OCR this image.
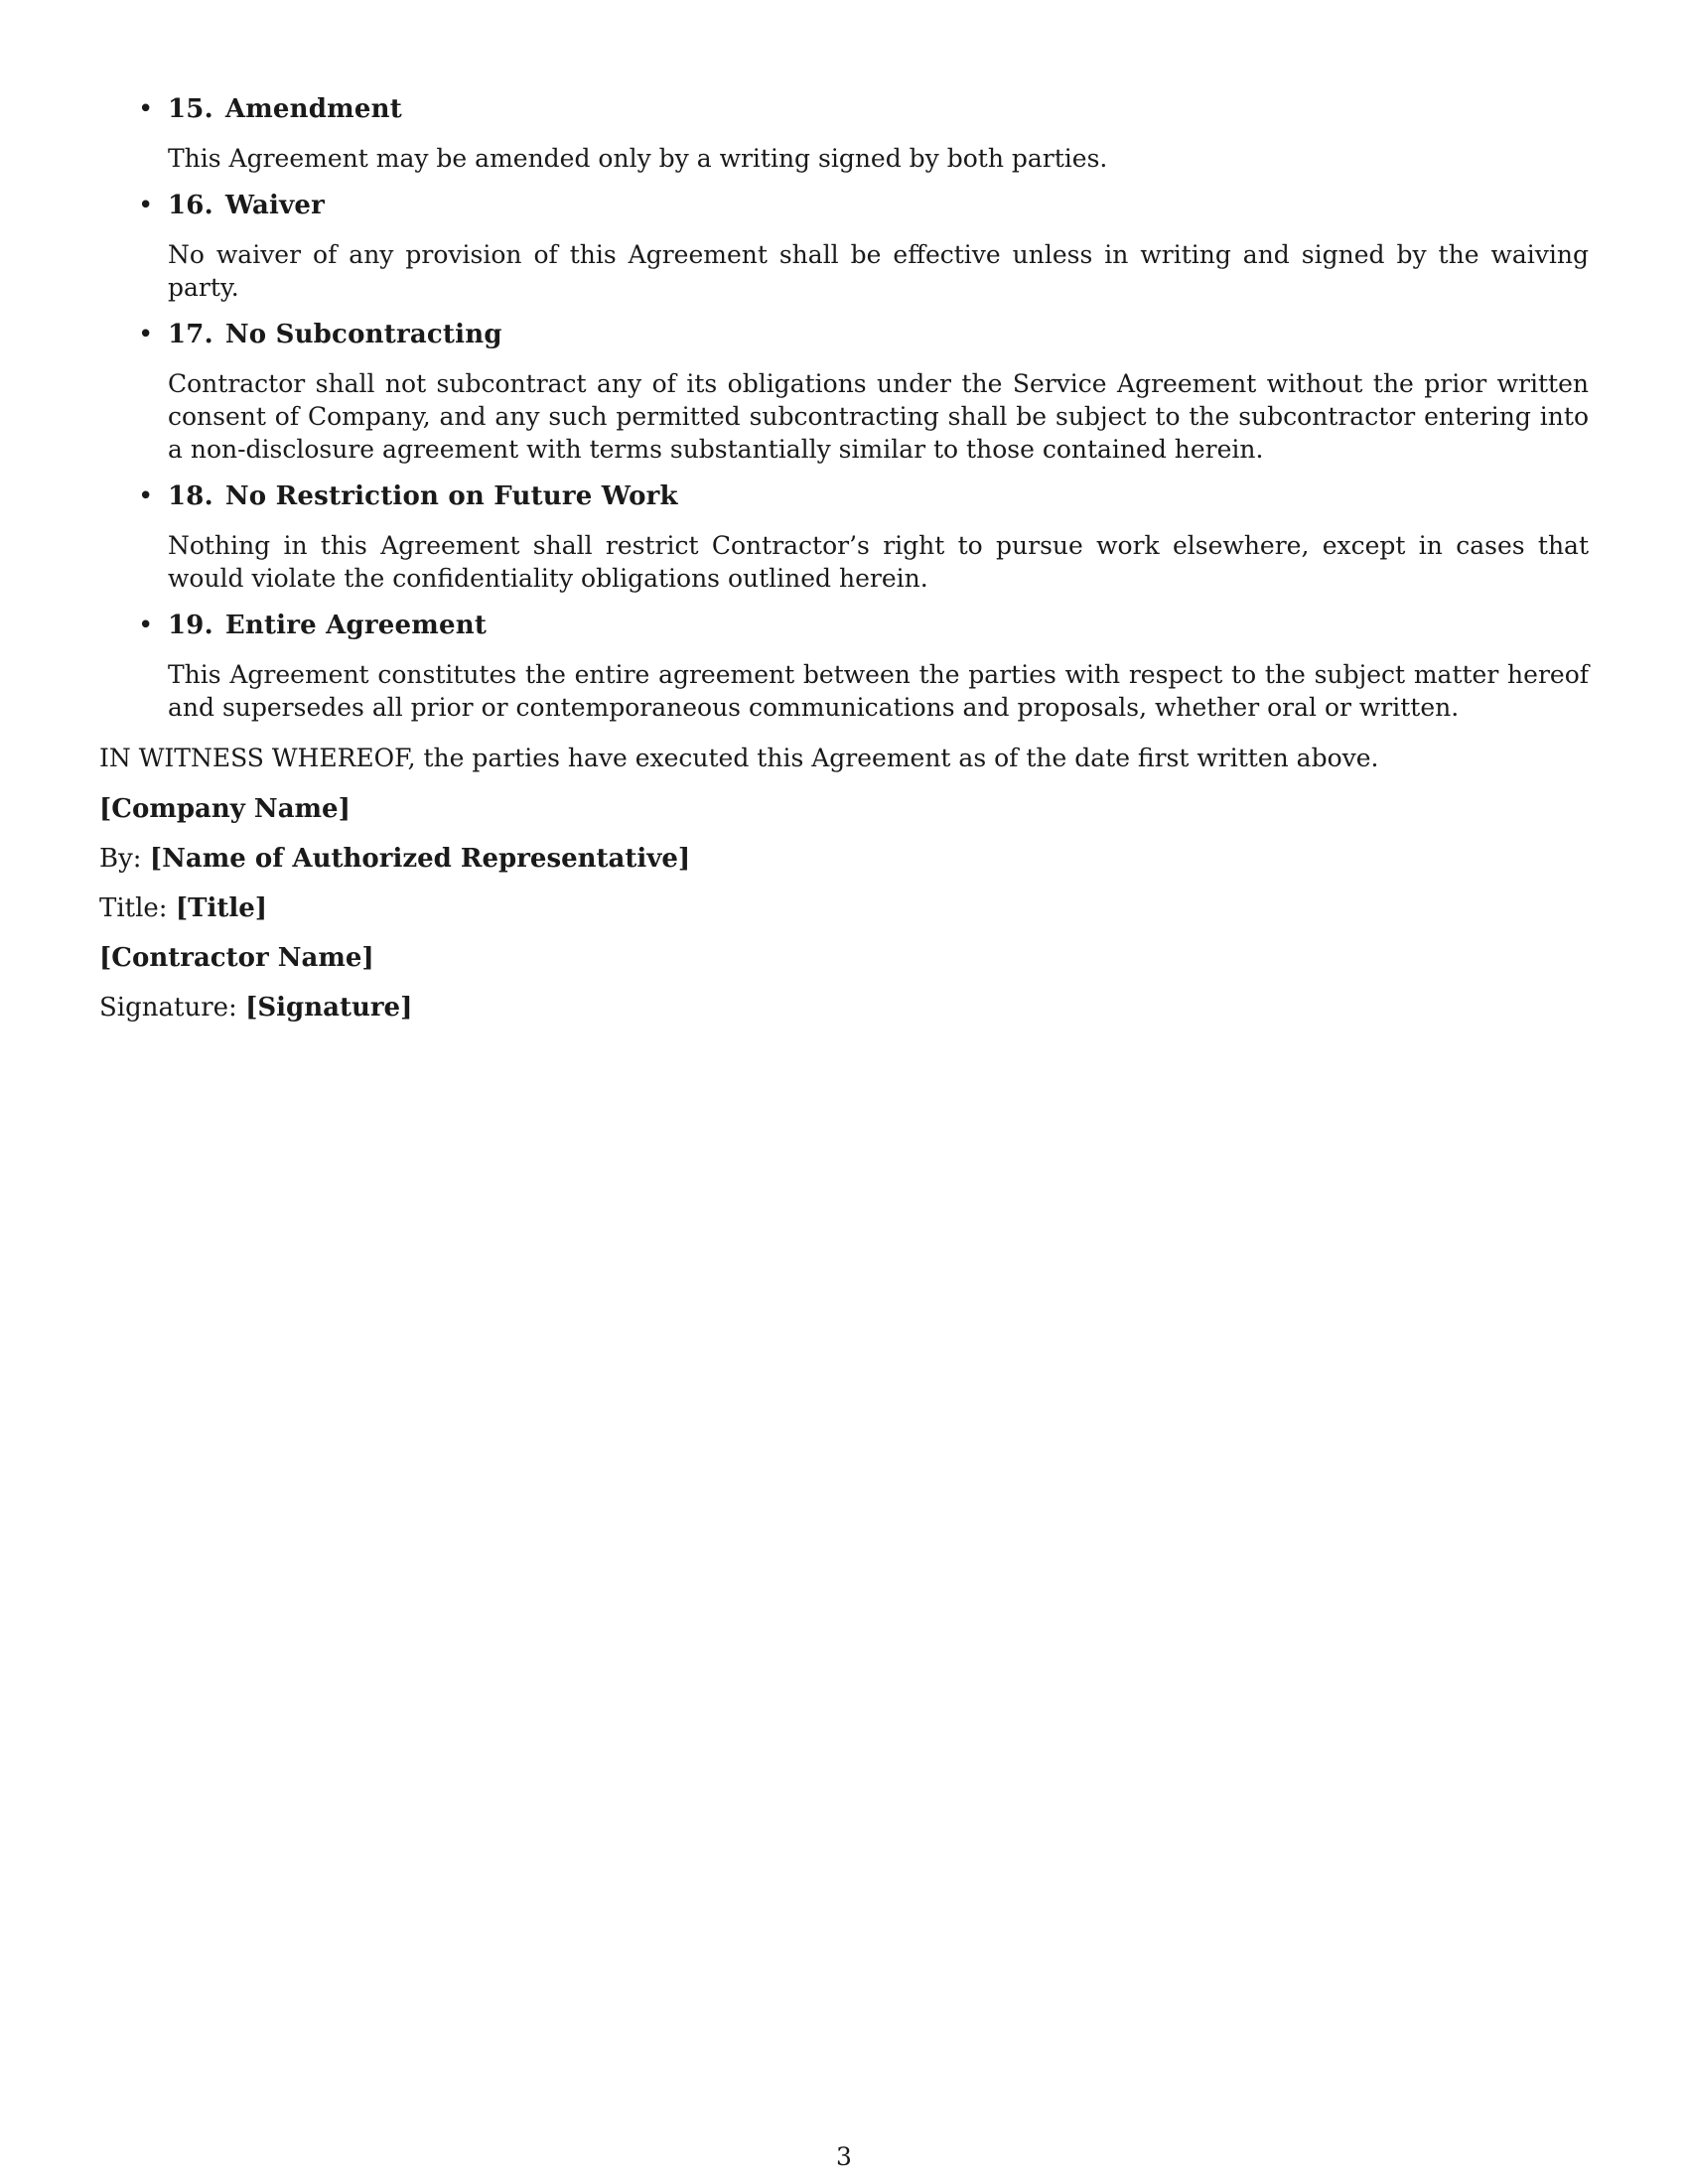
• 15. Amendment

This Agreement may be amended only by a writing signed by both parties.

• 16. Waiver

No waiver of any provision of this Agreement shall be effective unless in writing and signed by the waiving party.

• 17. No Subcontracting

Contractor shall not subcontract any of its obligations under the Service Agreement without the prior written consent of Company, and any such permitted subcontracting shall be subject to the subcontractor entering into a non-disclosure agreement with terms substantially similar to those contained herein.

• 18. No Restriction on Future Work

Nothing in this Agreement shall restrict Contractor’s right to pursue work elsewhere, except in cases that would violate the confidentiality obligations outlined herein.

• 19. Entire Agreement

This Agreement constitutes the entire agreement between the parties with respect to the subject matter hereof and supersedes all prior or contemporaneous communications and proposals, whether oral or written.

IN WITNESS WHEREOF, the parties have executed this Agreement as of the date first written above.

[Company Name]

By: [Name of Authorized Representative]

Title: [Title]

[Contractor Name]

Signature: [Signature]

3
